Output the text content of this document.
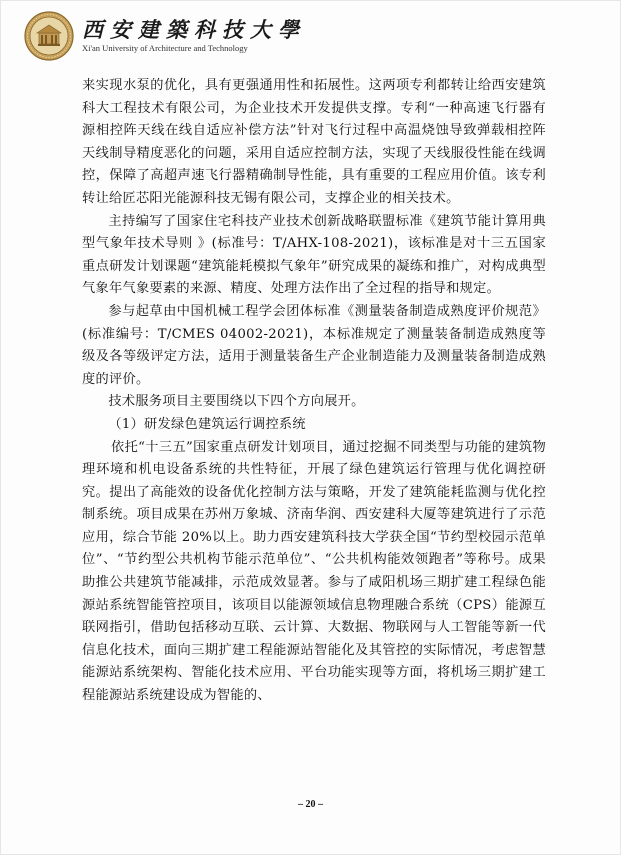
西安建築科技大學
Xi'an University of Architecture and Technology

来实现水泵的优化，具有更强通用性和拓展性。这两项专利都转让给西安建筑科大工程技术有限公司，为企业技术开发提供支撑。专利“一种高速飞行器有源相控阵天线在线自适应补偿方法”针对飞行过程中高温烧蚀导致弹载相控阵天线制导精度恶化的问题，采用自适应控制方法，实现了天线服役性能在线调控，保障了高超声速飞行器精确制导性能，具有重要的工程应用价值。该专利转让给匠芯阳光能源科技无锡有限公司，支撑企业的相关技术。

主持编写了国家住宅科技产业技术创新战略联盟标准《建筑节能计算用典型气象年技术导则 》(标准号：T/AHX-108-2021)，该标准是对十三五国家重点研发计划课题“建筑能耗模拟气象年”研究成果的凝练和推广，对构成典型气象年气象要素的来源、精度、处理方法作出了全过程的指导和规定。

参与起草由中国机械工程学会团体标准《测量装备制造成熟度评价规范》(标准编号：T/CMES 04002-2021)，本标准规定了测量装备制造成熟度等级及各等级评定方法，适用于测量装备生产企业制造能力及测量装备制造成熟度的评价。

技术服务项目主要围绕以下四个方向展开。

（1）研发绿色建筑运行调控系统

依托“十三五”国家重点研发计划项目，通过挖掘不同类型与功能的建筑物理环境和机电设备系统的共性特征，开展了绿色建筑运行管理与优化调控研究。提出了高能效的设备优化控制方法与策略，开发了建筑能耗监测与优化控制系统。项目成果在苏州万象城、济南华润、西安建科大厦等建筑进行了示范应用，综合节能 20%以上。助力西安建筑科技大学获全国“节约型校园示范单位”、“节约型公共机构节能示范单位”、“公共机构能效领跑者”等称号。成果助推公共建筑节能减排，示范成效显著。参与了咸阳机场三期扩建工程绿色能源站系统智能管控项目，该项目以能源领域信息物理融合系统（CPS）能源互联网指引，借助包括移动互联、云计算、大数据、物联网与人工智能等新一代信息化技术，面向三期扩建工程能源站智能化及其管控的实际情况，考虑智慧能源站系统架构、智能化技术应用、平台功能实现等方面，将机场三期扩建工程能源站系统建设成为智能的、

– 20 –
